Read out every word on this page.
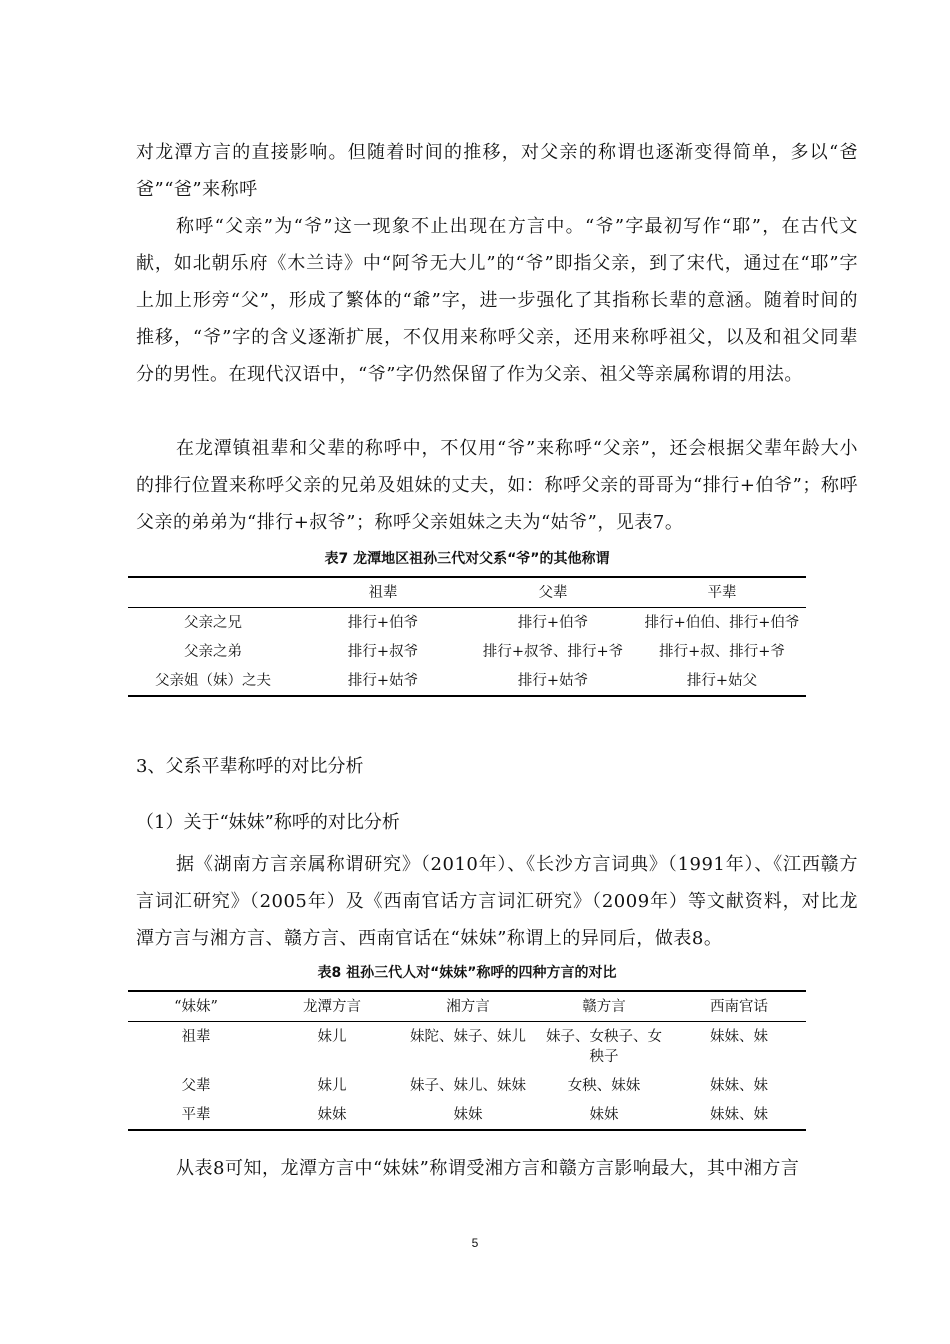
对龙潭方言的直接影响。但随着时间的推移，对父亲的称谓也逐渐变得简单，多以“爸爸”“爸”来称呼

称呼“父亲”为“爷”这一现象不止出现在方言中。“爷”字最初写作“耶”，在古代文献，如北朝乐府《木兰诗》中“阿爷无大儿”的“爷”即指父亲，到了宋代，通过在“耶”字上加上形旁“父”，形成了繁体的“爺”字，进一步强化了其指称长辈的意涵。随着时间的推移，“爷”字的含义逐渐扩展，不仅用来称呼父亲，还用来称呼祖父，以及和祖父同辈分的男性。在现代汉语中，“爷”字仍然保留了作为父亲、祖父等亲属称谓的用法。

在龙潭镇祖辈和父辈的称呼中，不仅用“爷”来称呼“父亲”，还会根据父辈年龄大小的排行位置来称呼父亲的兄弟及姐妹的丈夫，如：称呼父亲的哥哥为“排行+伯爷”；称呼父亲的弟弟为“排行+叔爷”；称呼父亲姐妹之夫为“姑爷”，见表7。

表7 龙潭地区祖孙三代对父系“爷”的其他称谓

	祖辈	父辈	平辈
父亲之兄	排行+伯爷	排行+伯爷	排行+伯伯、排行+伯爷
父亲之弟	排行+叔爷	排行+叔爷、排行+爷	排行+叔、排行+爷
父亲姐（妹）之夫	排行+姑爷	排行+姑爷	排行+姑父

3、父系平辈称呼的对比分析

（1）关于“妹妹”称呼的对比分析

据《湖南方言亲属称谓研究》（2010年）、《长沙方言词典》（1991年）、《江西赣方言词汇研究》（2005年）及《西南官话方言词汇研究》（2009年）等文献资料，对比龙潭方言与湘方言、赣方言、西南官话在“妹妹”称谓上的异同后，做表8。

表8 祖孙三代人对“妹妹”称呼的四种方言的对比

“妹妹”	龙潭方言	湘方言	赣方言	西南官话
祖辈	妹儿	妹陀、妹子、妹儿	妹子、女秧子、女秧子	妹妹、妹
父辈	妹儿	妹子、妹儿、妹妹	女秧、妹妹	妹妹、妹
平辈	妹妹	妹妹	妹妹	妹妹、妹

从表8可知，龙潭方言中“妹妹”称谓受湘方言和赣方言影响最大，其中湘方言

5
